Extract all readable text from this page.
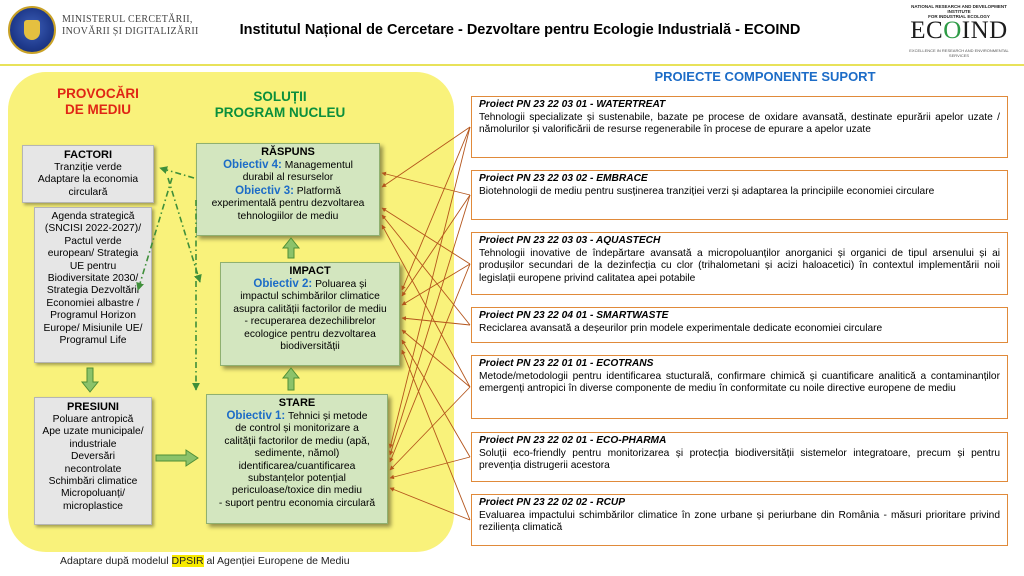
MINISTERUL CERCETĂRII,
INOVĂRII ȘI DIGITALIZĂRII	Institutul Național de Cercetare - Dezvoltare pentru Ecologie Industrială - ECOIND
NATIONAL RESEARCH AND DEVELOPMENT INSTITUTE
FOR INDUSTRIAL ECOLOGY
ECOIND
EXCELLENCE IN RESEARCH AND ENVIRONMENTAL SERVICES
PROVOCĂRI
DE MEDIU
SOLUȚII
PROGRAM NUCLEU
FACTORI
Tranziție verde
Adaptare la economia
circulară
Agenda strategică
(SNCISI 2022-2027)/
Pactul verde
european/ Strategia
UE pentru
Biodiversitate 2030/
Strategia Dezvoltării
Economiei albastre /
Programul Horizon
Europe/ Misiunile UE/
Programul Life
PRESIUNI
Poluare antropică
Ape uzate municipale/
industriale
Deversări
necontrolate
Schimbări climatice
Micropoluanți/
microplastice
RĂSPUNS
Obiectiv 4: Managementul
durabil al resurselor
Obiectiv 3: Platformă
experimentală pentru dezvoltarea
tehnologiilor de mediu
IMPACT
Obiectiv 2: Poluarea și
impactul schimbărilor climatice
asupra calității factorilor de mediu
- recuperarea dezechilibrelor
ecologice pentru dezvoltarea
biodiversității
STARE
Obiectiv 1: Tehnici și metode
de control și monitorizare a
calității factorilor de mediu (apă,
sedimente, nămol)
identificarea/cuantificarea
substanțelor potențial
periculoase/toxice din mediu
- suport pentru economia circulară
PROIECTE COMPONENTE SUPORT
Proiect PN 23 22 03 01 - WATERTREAT
Tehnologii specializate și sustenabile, bazate pe procese de oxidare avansată, destinate epurării apelor uzate / nămolurilor și valorificării de resurse regenerabile în procese de epurare a apelor uzate
Proiect PN 23 22 03 02 - EMBRACE
Biotehnologii de mediu pentru susținerea tranziției verzi și adaptarea la principiile economiei circulare
Proiect PN 23 22 03 03 - AQUASTECH
Tehnologii inovative de îndepărtare avansată a micropoluanților anorganici și organici de tipul arsenului și ai produșilor secundari de la dezinfecția cu clor (trihalometani și acizi haloacetici) în contextul implementării noii legislații europene privind calitatea apei potabile
Proiect PN 23 22 04 01 - SMARTWASTE
Reciclarea avansată a deșeurilor prin modele experimentale dedicate economiei circulare
Proiect PN 23 22 01 01 - ECOTRANS
Metode/metodologii pentru identificarea stucturală, confirmare chimică și cuantificare analitică a contaminanților emergenți antropici în diverse componente de mediu în conformitate cu noile directive europene de mediu
Proiect PN 23 22 02 01 - ECO-PHARMA
Soluții eco-friendly pentru monitorizarea și protecția biodiversității sistemelor integratoare, precum și pentru prevenția distrugerii acestora
Proiect PN 23 22 02 02 - RCUP
Evaluarea impactului schimbărilor climatice în zone urbane și periurbane din România - măsuri prioritare privind reziliența climatică
Adaptare după modelul DPSIR al Agenției Europene de Mediu
